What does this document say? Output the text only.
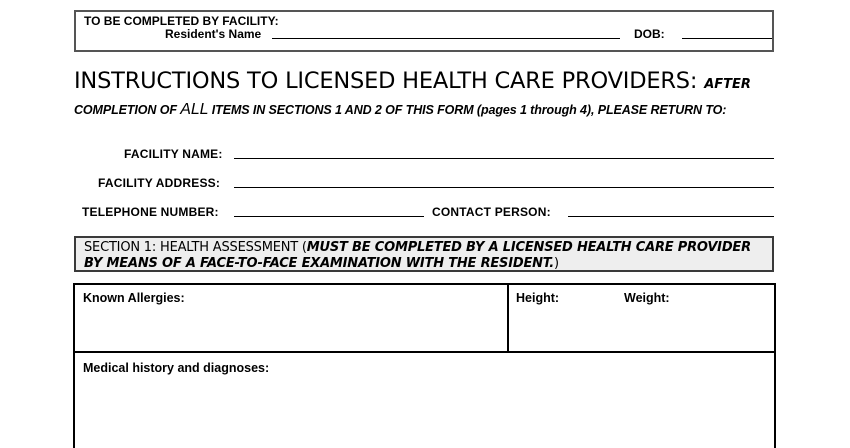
TO BE COMPLETED BY FACILITY:
Resident's Name	DOB:
INSTRUCTIONS TO LICENSED HEALTH CARE PROVIDERS: AFTER
COMPLETION OF ALL ITEMS IN SECTIONS 1 AND 2 OF THIS FORM (pages 1 through 4), PLEASE RETURN TO:
FACILITY NAME:
FACILITY ADDRESS:
TELEPHONE NUMBER:	CONTACT PERSON:
SECTION 1: HEALTH ASSESSMENT (MUST BE COMPLETED BY A LICENSED HEALTH CARE PROVIDER BY MEANS OF A FACE-TO-FACE EXAMINATION WITH THE RESIDENT.)
Known Allergies:	Height:	Weight:
Medical history and diagnoses:
